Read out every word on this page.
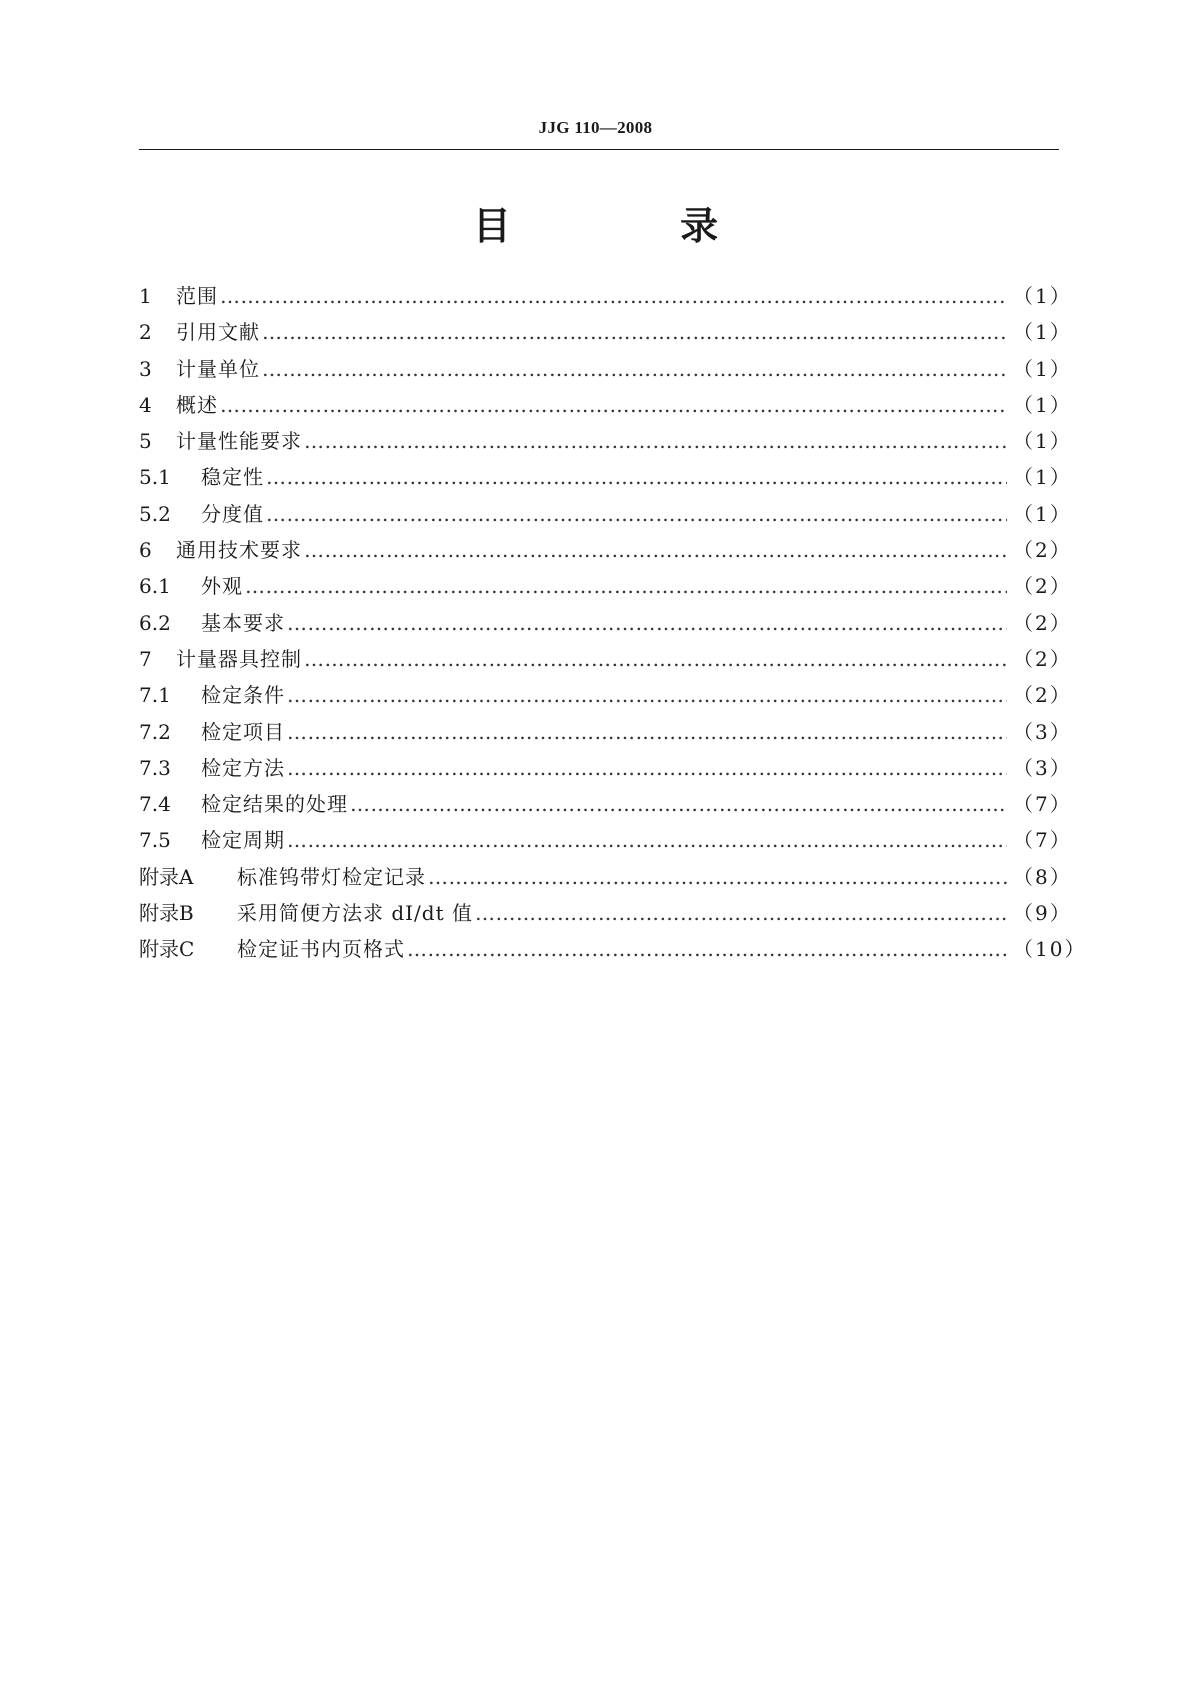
JJG 110—2008
目 录
1	范围 …………………………………………………………………………………………………………………………………………………………	（1）
2	引用文献 …………………………………………………………………………………………………………………………………………………………	（1）
3	计量单位 …………………………………………………………………………………………………………………………………………………………	（1）
4	概述 …………………………………………………………………………………………………………………………………………………………	（1）
5	计量性能要求 …………………………………………………………………………………………………………………………………………………………	（1）
5.1	稳定性 …………………………………………………………………………………………………………………………………………………………	（1）
5.2	分度值 …………………………………………………………………………………………………………………………………………………………	（1）
6	通用技术要求 …………………………………………………………………………………………………………………………………………………………	（2）
6.1	外观 …………………………………………………………………………………………………………………………………………………………	（2）
6.2	基本要求 …………………………………………………………………………………………………………………………………………………………	（2）
7	计量器具控制 …………………………………………………………………………………………………………………………………………………………	（2）
7.1	检定条件 …………………………………………………………………………………………………………………………………………………………	（2）
7.2	检定项目 …………………………………………………………………………………………………………………………………………………………	（3）
7.3	检定方法 …………………………………………………………………………………………………………………………………………………………	（3）
7.4	检定结果的处理 …………………………………………………………………………………………………………………………………………………………	（7）
7.5	检定周期 …………………………………………………………………………………………………………………………………………………………	（7）
附录A	标准钨带灯检定记录 …………………………………………………………………………………………………………………………………………………………	（8）
附录B	采用简便方法求 dI/dt 值 …………………………………………………………………………………………………………………………………………………………	（9）
附录C	检定证书内页格式 …………………………………………………………………………………………………………………………………………………………	（10）
